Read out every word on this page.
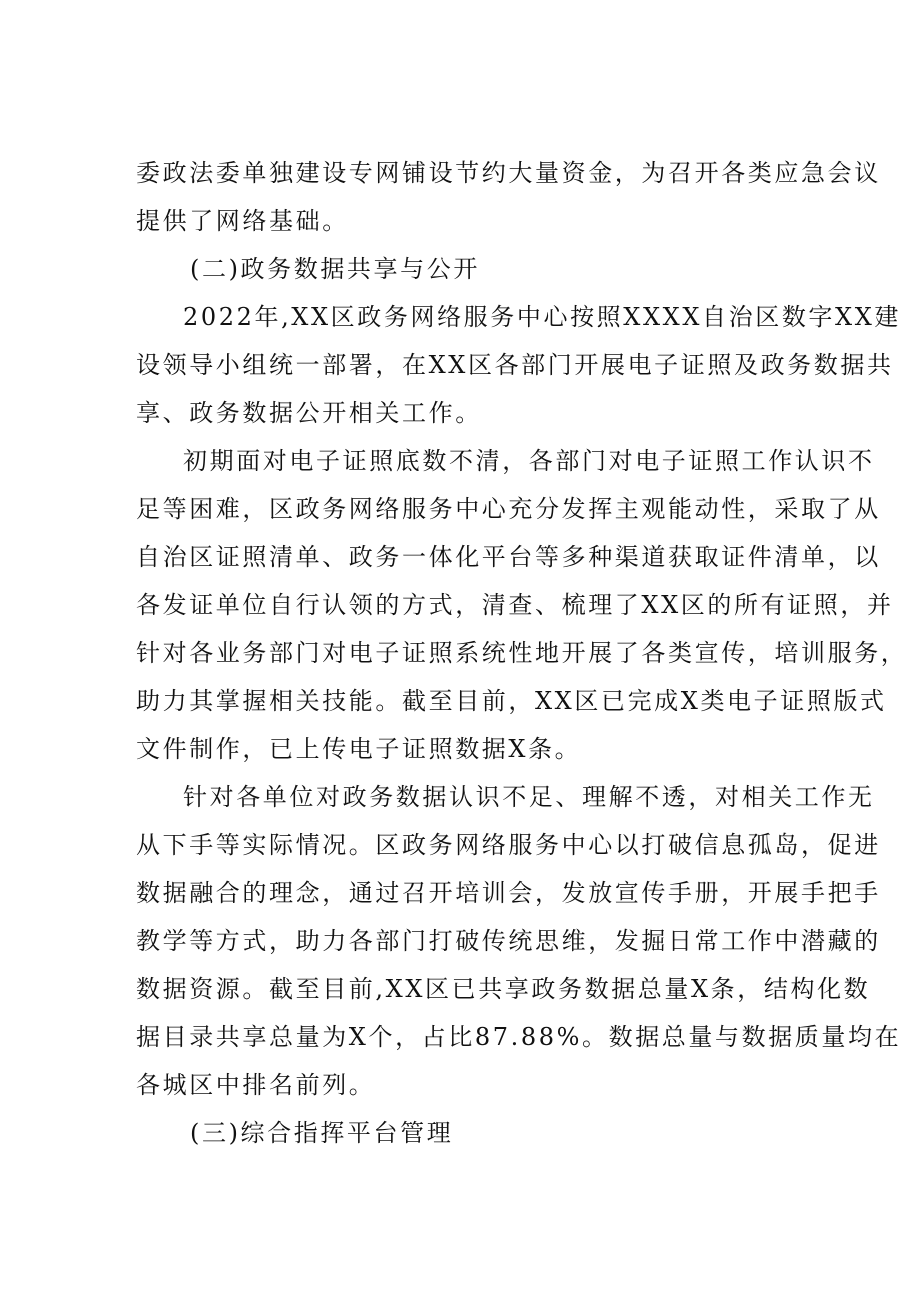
委政法委单独建设专网铺设节约大量资金，为召开各类应急会议
提供了网络基础。
(二)政务数据共享与公开
2022年,XX区政务网络服务中心按照XXXX自治区数字XX建
设领导小组统一部署，在XX区各部门开展电子证照及政务数据共
享、政务数据公开相关工作。
初期面对电子证照底数不清，各部门对电子证照工作认识不
足等困难，区政务网络服务中心充分发挥主观能动性，采取了从
自治区证照清单、政务一体化平台等多种渠道获取证件清单，以
各发证单位自行认领的方式，清查、梳理了XX区的所有证照，并
针对各业务部门对电子证照系统性地开展了各类宣传，培训服务，
助力其掌握相关技能。截至目前，XX区已完成X类电子证照版式
文件制作，已上传电子证照数据X条。
针对各单位对政务数据认识不足、理解不透，对相关工作无
从下手等实际情况。区政务网络服务中心以打破信息孤岛，促进
数据融合的理念，通过召开培训会，发放宣传手册，开展手把手
教学等方式，助力各部门打破传统思维，发掘日常工作中潜藏的
数据资源。截至目前,XX区已共享政务数据总量X条，结构化数
据目录共享总量为X个，占比87.88%。数据总量与数据质量均在
各城区中排名前列。
(三)综合指挥平台管理
